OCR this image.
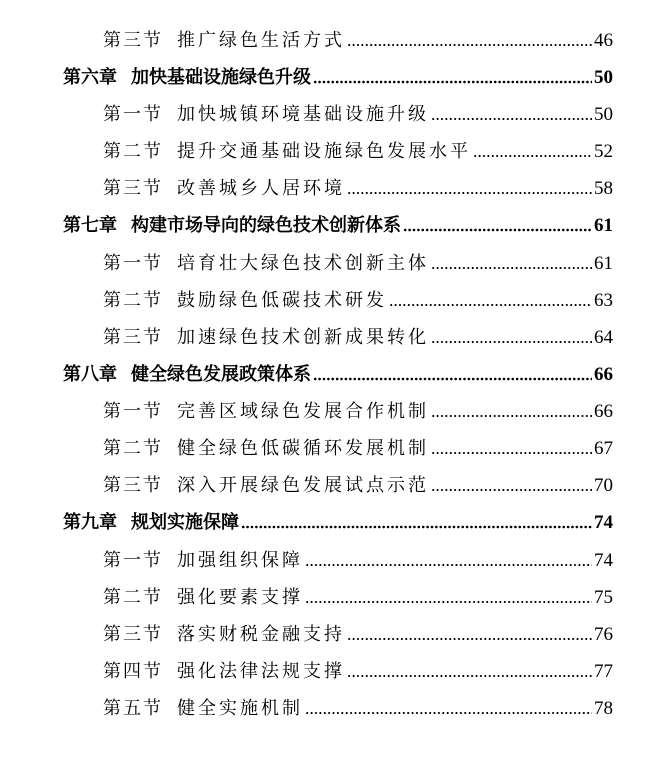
第三节 推广绿色生活方式	46
第六章 加快基础设施绿色升级	50
第一节 加快城镇环境基础设施升级	50
第二节 提升交通基础设施绿色发展水平	52
第三节 改善城乡人居环境	58
第七章 构建市场导向的绿色技术创新体系	61
第一节 培育壮大绿色技术创新主体	61
第二节 鼓励绿色低碳技术研发	63
第三节 加速绿色技术创新成果转化	64
第八章 健全绿色发展政策体系	66
第一节 完善区域绿色发展合作机制	66
第二节 健全绿色低碳循环发展机制	67
第三节 深入开展绿色发展试点示范	70
第九章 规划实施保障	74
第一节 加强组织保障	74
第二节 强化要素支撑	75
第三节 落实财税金融支持	76
第四节 强化法律法规支撑	77
第五节 健全实施机制	78
